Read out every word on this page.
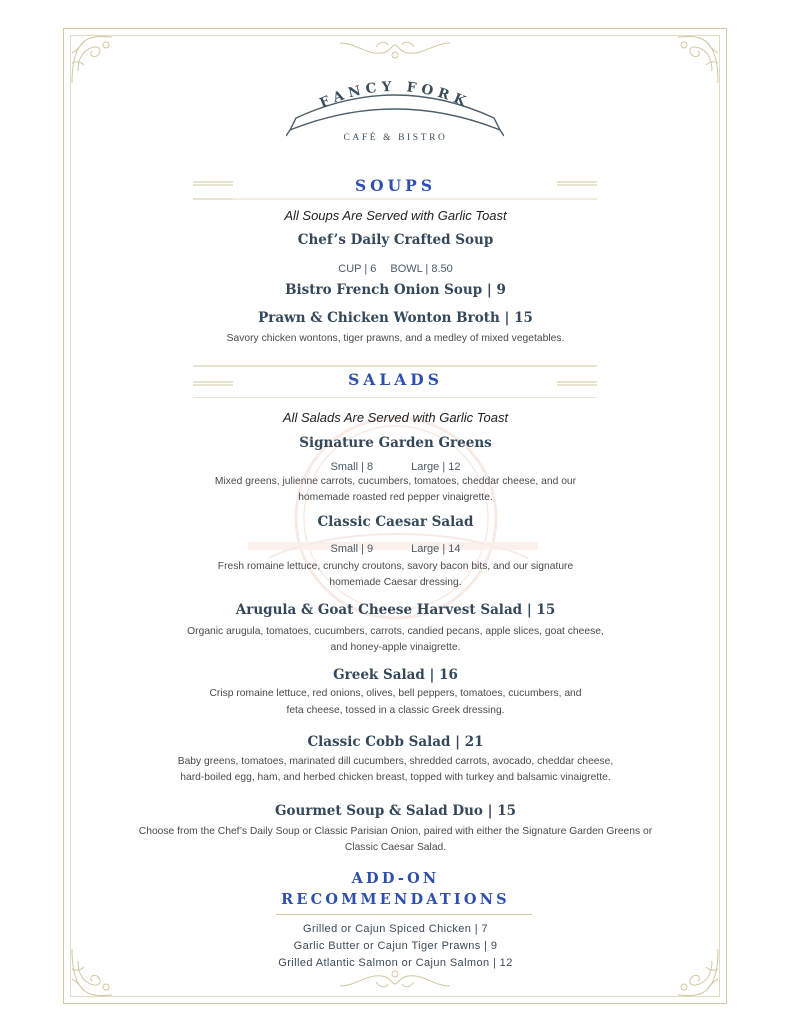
FANCY FORK
CAFÉ & BISTRO
SOUPS
All Soups Are Served with Garlic Toast
Chef’s Daily Crafted Soup
CUP | 6 BOWL | 8.50
Bistro French Onion Soup | 9
Prawn & Chicken Wonton Broth | 15
Savory chicken wontons, tiger prawns, and a medley of mixed vegetables.
SALADS
All Salads Are Served with Garlic Toast
Signature Garden Greens
Small | 8	Large | 12
Mixed greens, julienne carrots, cucumbers, tomatoes, cheddar cheese, and our
homemade roasted red pepper vinaigrette.
Classic Caesar Salad
Small | 9	Large | 14
Fresh romaine lettuce, crunchy croutons, savory bacon bits, and our signature
homemade Caesar dressing.
Arugula & Goat Cheese Harvest Salad | 15
Organic arugula, tomatoes, cucumbers, carrots, candied pecans, apple slices, goat cheese,
and honey-apple vinaigrette.
Greek Salad | 16
Crisp romaine lettuce, red onions, olives, bell peppers, tomatoes, cucumbers, and
feta cheese, tossed in a classic Greek dressing.
Classic Cobb Salad | 21
Baby greens, tomatoes, marinated dill cucumbers, shredded carrots, avocado, cheddar cheese,
hard-boiled egg, ham, and herbed chicken breast, topped with turkey and balsamic vinaigrette.
Gourmet Soup & Salad Duo | 15
Choose from the Chef’s Daily Soup or Classic Parisian Onion, paired with either the Signature Garden Greens or
Classic Caesar Salad.
ADD-ON
RECOMMENDATIONS
Grilled or Cajun Spiced Chicken | 7
Garlic Butter or Cajun Tiger Prawns | 9
Grilled Atlantic Salmon or Cajun Salmon | 12
